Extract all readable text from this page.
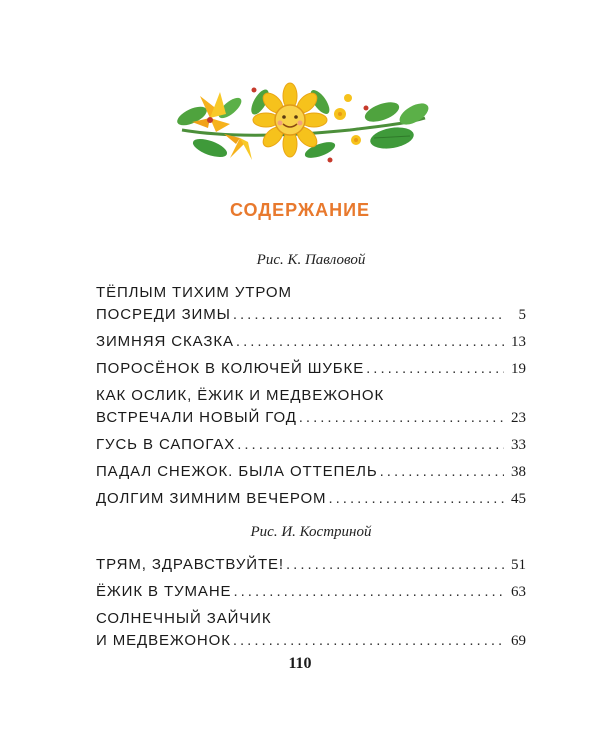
СОДЕРЖАНИЕ
Рис. К. Павловой
ТЁПЛЫМ ТИХИМ УТРОМ
ПОСРЕДИ ЗИМЫ .....	5
ЗИМНЯЯ СКАЗКА .....	13
ПОРОСЁНОК В КОЛЮЧЕЙ ШУБКЕ .....	19
КАК ОСЛИК, ЁЖИК И МЕДВЕЖОНОК
ВСТРЕЧАЛИ НОВЫЙ ГОД .....	23
ГУСЬ В САПОГАХ .....	33
ПАДАЛ СНЕЖОК. БЫЛА ОТТЕПЕЛЬ .....	38
ДОЛГИМ ЗИМНИМ ВЕЧЕРОМ .....	45
Рис. И. Костриной
ТРЯМ, ЗДРАВСТВУЙТЕ! .....	51
ЁЖИК В ТУМАНЕ .....	63
СОЛНЕЧНЫЙ ЗАЙЧИК
И МЕДВЕЖОНОК .....	69
110
